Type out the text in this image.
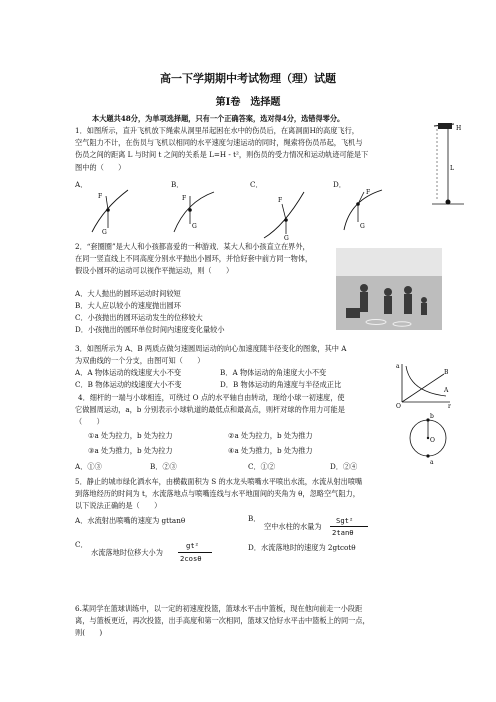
高一下学期期中考试物理（理）试题
第Ⅰ卷　选择题
本大题共48分，为单项选择题，只有一个正确答案，选对得4分，选错得零分。
1．如图所示，直升飞机放下绳索从洞里吊起困在水中的伤员后，在离洞面H的高度飞行，
空气阻力不计，在伤员与飞机以相同的水平速度匀速运动的同时，绳索将伤员吊起，飞机与
伤员之间的距离 L 与时间 t 之间的关系是 L=H - t²，则伤员的受力情况和运动轨迹可能是下
图中的（　　）
A．	B．	C．	D．
H
L
F
G
F
G
F
G
F
G
2．“套圈圈”是大人和小孩都喜爱的一种游戏．某大人和小孩直立在界外，
在同一竖直线上不同高度分别水平抛出小圆环，并恰好套中前方同一物体，
假设小圆环的运动可以视作平抛运动，则（　　）
A．大人抛出的圆环运动时间较短
B．大人应以较小的速度抛出圆环
C．小孩抛出的圆环运动发生的位移较大
D．小孩抛出的圆环单位时间内速度变化量较小
3．如图所示为 A、B 两质点做匀速圆周运动的向心加速度随半径变化的图象，其中 A
为双曲线的一个分支，由图可知（　　）
A．A 物体运动的线速度大小不变	B．A 物体运动的角速度大小不变
C．B 物体运动的线速度大小不变	D．B 物体运动的角速度与半径成正比
a
A
B
O	r
4．细杆的一端与小球相连，可绕过 O 点的水平轴自由转动，现给小球一初速度，使
它做圆周运动，a，b 分别表示小球轨道的最低点和最高点，则杆对球的作用力可能是
（　　）
①a 处为拉力，b 处为拉力	②a 处为拉力，b 处为推力
③a 处为推力，b 处为拉力	④a 处为推力，b 处为推力
A．①③	B．②③	C．①②	D．②④
b
O
a
5．静止的城市绿化洒水车，由横截面积为 S 的水龙头喷嘴水平喷出水流，水流从射出喷嘴
到落地经历的时间为 t，水流落地点与喷嘴连线与水平地面间的夹角为 θ，忽略空气阻力，
以下说法正确的是（　　）
A．水流射出喷嘴的速度为 gttanθ	B．
空中水柱的水量为
Sgt²
2tanθ
C．
水流落地时位移大小为
gt²
2cosθ
D．水流落地时的速度为 2gtcotθ
6.某同学在篮球训练中，以一定的初速度投篮，篮球水平击中篮板，现在他向前走一小段距
离，与篮板更近，再次投篮，出手高度和第一次相同，篮球又恰好水平击中篮板上的同一点，
则(　　)
